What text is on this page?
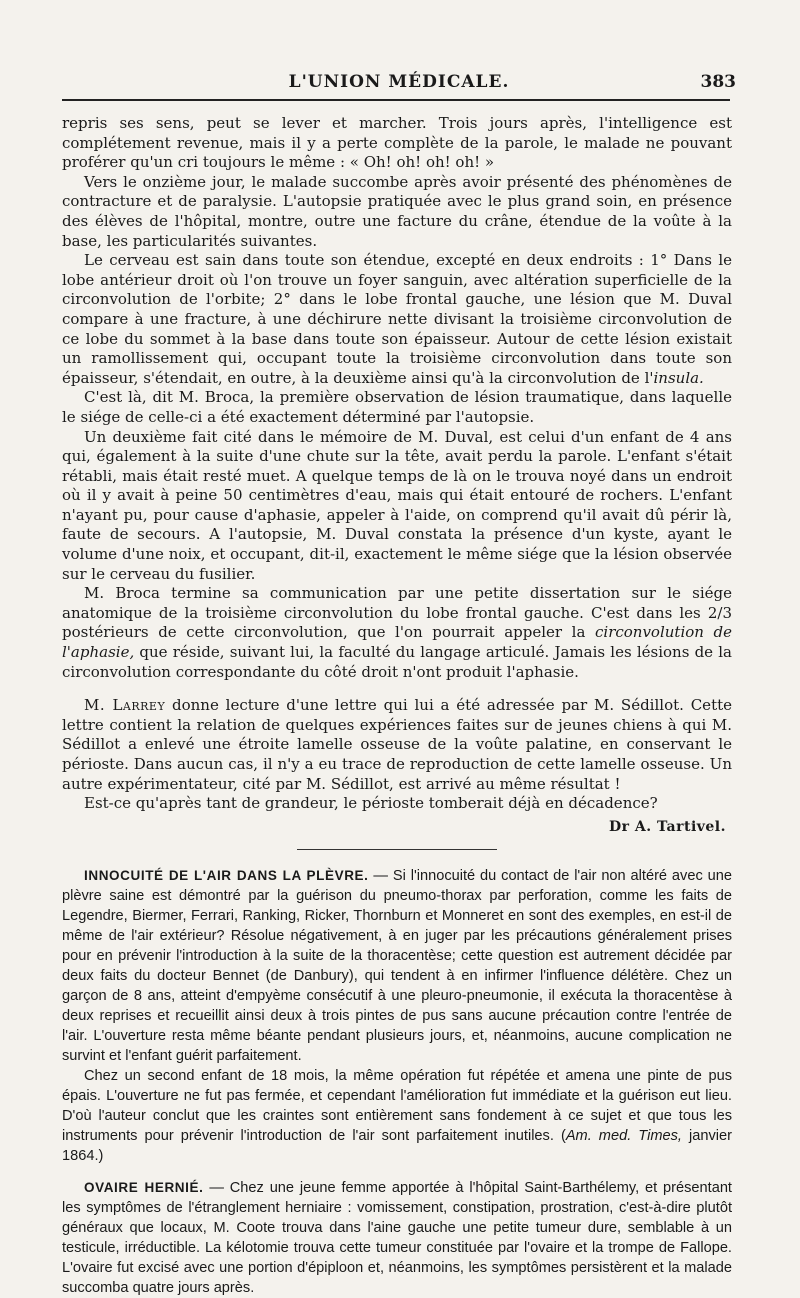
L'UNION MÉDICALE.	383

repris ses sens, peut se lever et marcher. Trois jours après, l'intelligence est complétement revenue, mais il y a perte complète de la parole, le malade ne pouvant proférer qu'un cri toujours le même : « Oh! oh! oh! oh! »

Vers le onzième jour, le malade succombe après avoir présenté des phénomènes de contracture et de paralysie. L'autopsie pratiquée avec le plus grand soin, en présence des élèves de l'hôpital, montre, outre une facture du crâne, étendue de la voûte à la base, les particularités suivantes.

Le cerveau est sain dans toute son étendue, excepté en deux endroits : 1° Dans le lobe antérieur droit où l'on trouve un foyer sanguin, avec altération superficielle de la circonvolution de l'orbite; 2° dans le lobe frontal gauche, une lésion que M. Duval compare à une fracture, à une déchirure nette divisant la troisième circonvolution de ce lobe du sommet à la base dans toute son épaisseur. Autour de cette lésion existait un ramollissement qui, occupant toute la troisième circonvolution dans toute son épaisseur, s'étendait, en outre, à la deuxième ainsi qu'à la circonvolution de l'insula.

C'est là, dit M. Broca, la première observation de lésion traumatique, dans laquelle le siége de celle-ci a été exactement déterminé par l'autopsie.

Un deuxième fait cité dans le mémoire de M. Duval, est celui d'un enfant de 4 ans qui, également à la suite d'une chute sur la tête, avait perdu la parole. L'enfant s'était rétabli, mais était resté muet. A quelque temps de là on le trouva noyé dans un endroit où il y avait à peine 50 centimètres d'eau, mais qui était entouré de rochers. L'enfant n'ayant pu, pour cause d'aphasie, appeler à l'aide, on comprend qu'il avait dû périr là, faute de secours. A l'autopsie, M. Duval constata la présence d'un kyste, ayant le volume d'une noix, et occupant, dit-il, exactement le même siége que la lésion observée sur le cerveau du fusilier.

M. Broca termine sa communication par une petite dissertation sur le siége anatomique de la troisième circonvolution du lobe frontal gauche. C'est dans les 2/3 postérieurs de cette circonvolution, que l'on pourrait appeler la circonvolution de l'aphasie, que réside, suivant lui, la faculté du langage articulé. Jamais les lésions de la circonvolution correspondante du côté droit n'ont produit l'aphasie.

M. Larrey donne lecture d'une lettre qui lui a été adressée par M. Sédillot. Cette lettre contient la relation de quelques expériences faites sur de jeunes chiens à qui M. Sédillot a enlevé une étroite lamelle osseuse de la voûte palatine, en conservant le périoste. Dans aucun cas, il n'y a eu trace de reproduction de cette lamelle osseuse. Un autre expérimentateur, cité par M. Sédillot, est arrivé au même résultat !

Est-ce qu'après tant de grandeur, le périoste tomberait déjà en décadence?

Dr A. Tartivel.

INNOCUITÉ DE L'AIR DANS LA PLÈVRE. — Si l'innocuité du contact de l'air non altéré avec une plèvre saine est démontré par la guérison du pneumo-thorax par perforation, comme les faits de Legendre, Biermer, Ferrari, Ranking, Ricker, Thornburn et Monneret en sont des exemples, en est-il de même de l'air extérieur? Résolue négativement, à en juger par les précautions généralement prises pour en prévenir l'introduction à la suite de la thoracentèse; cette question est autrement décidée par deux faits du docteur Bennet (de Danbury), qui tendent à en infirmer l'influence délétère. Chez un garçon de 8 ans, atteint d'empyème consécutif à une pleuro-pneumonie, il exécuta la thoracentèse à deux reprises et recueillit ainsi deux à trois pintes de pus sans aucune précaution contre l'entrée de l'air. L'ouverture resta même béante pendant plusieurs jours, et, néanmoins, aucune complication ne survint et l'enfant guérit parfaitement.

Chez un second enfant de 18 mois, la même opération fut répétée et amena une pinte de pus épais. L'ouverture ne fut pas fermée, et cependant l'amélioration fut immédiate et la guérison eut lieu. D'où l'auteur conclut que les craintes sont entièrement sans fondement à ce sujet et que tous les instruments pour prévenir l'introduction de l'air sont parfaitement inutiles. (Am. med. Times, janvier 1864.)

OVAIRE HERNIÉ. — Chez une jeune femme apportée à l'hôpital Saint-Barthélemy, et présentant les symptômes de l'étranglement herniaire : vomissement, constipation, prostration, c'est-à-dire plutôt généraux que locaux, M. Coote trouva dans l'aine gauche une petite tumeur dure, semblable à un testicule, irréductible. La kélotomie trouva cette tumeur constituée par l'ovaire et la trompe de Fallope. L'ovaire fut excisé avec une portion d'épiploon et, néanmoins, les symptômes persistèrent et la malade succomba quatre jours après.
